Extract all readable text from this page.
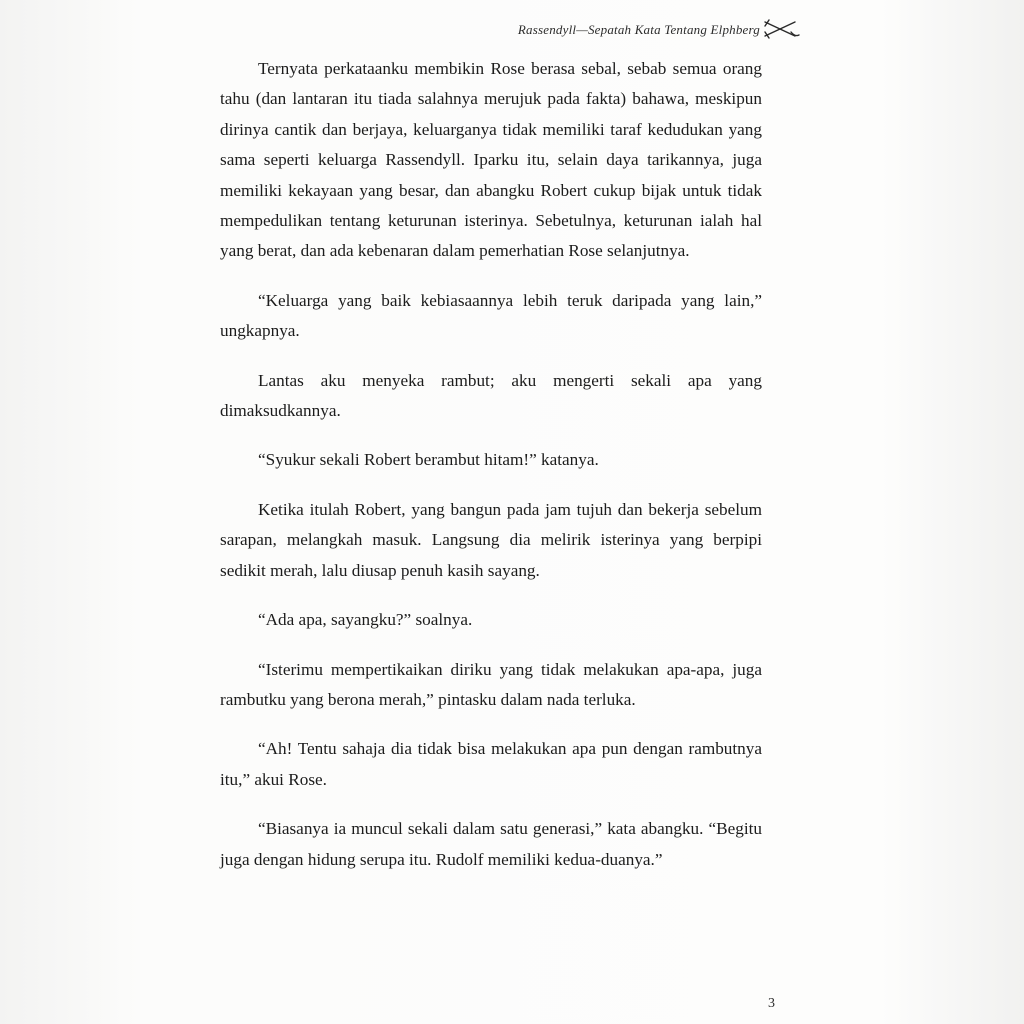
Rassendyll—Sepatah Kata Tentang Elphberg

Ternyata perkataanku membikin Rose berasa sebal, sebab semua orang tahu (dan lantaran itu tiada salahnya merujuk pada fakta) bahawa, meskipun dirinya cantik dan berjaya, keluarganya tidak memiliki taraf kedudukan yang sama seperti keluarga Rassendyll. Iparku itu, selain daya tarikannya, juga memiliki kekayaan yang besar, dan abangku Robert cukup bijak untuk tidak mempedulikan tentang keturunan isterinya. Sebetulnya, keturunan ialah hal yang berat, dan ada kebenaran dalam pemerhatian Rose selanjutnya.

“Keluarga yang baik kebiasaannya lebih teruk daripada yang lain,” ungkapnya.

Lantas aku menyeka rambut; aku mengerti sekali apa yang dimaksudkannya.

“Syukur sekali Robert berambut hitam!” katanya.

Ketika itulah Robert, yang bangun pada jam tujuh dan bekerja sebelum sarapan, melangkah masuk. Langsung dia melirik isterinya yang berpipi sedikit merah, lalu diusap penuh kasih sayang.

“Ada apa, sayangku?” soalnya.

“Isterimu mempertikaikan diriku yang tidak melakukan apa-apa, juga rambutku yang berona merah,” pintasku dalam nada terluka.

“Ah! Tentu sahaja dia tidak bisa melakukan apa pun dengan rambutnya itu,” akui Rose.

“Biasanya ia muncul sekali dalam satu generasi,” kata abangku. “Begitu juga dengan hidung serupa itu. Rudolf memiliki kedua-duanya.”

3
